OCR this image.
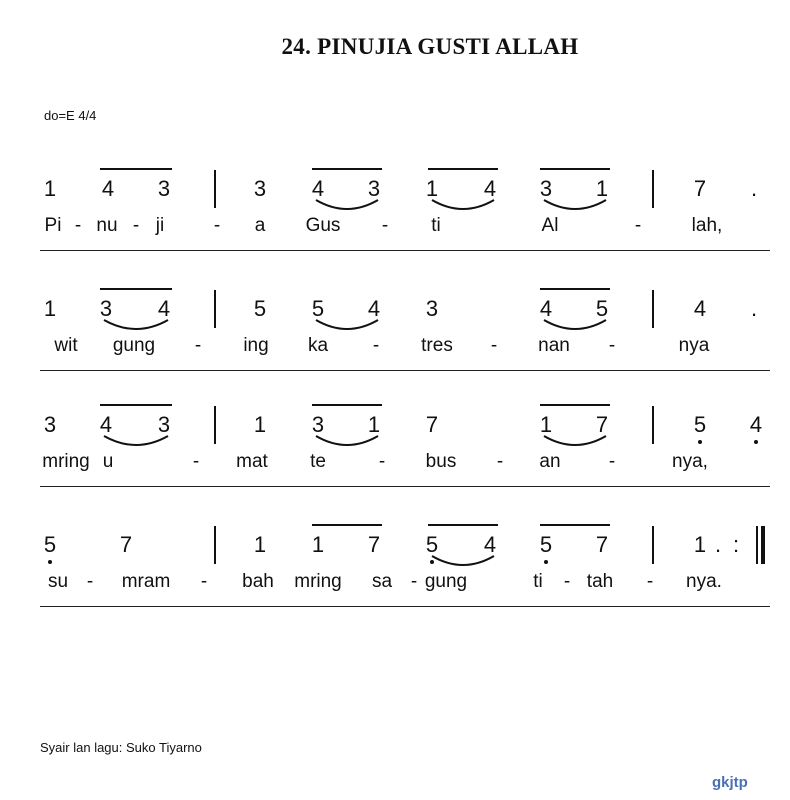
24. PINUJIA GUSTI ALLAH
do=E 4/4
1 4 3	3 4 3 1 4 3 1	7 .
Pi - nu - ji	- a Gus - ti	Al	-	lah,
1 3 4	5 5 4 3	4 5	4 .
wit gung - ing ka - tres - nan -	nya
3 4 3	1 3 1 7	1 7	5 4
mring u	- mat te	- bus - an	-	nya,
5	7	1 1 7 5 4 5 7	1 .
su - mram - bah mring sa - gung	ti - tah - nya.
:
Syair lan lagu: Suko Tiyarno
gkjtp
